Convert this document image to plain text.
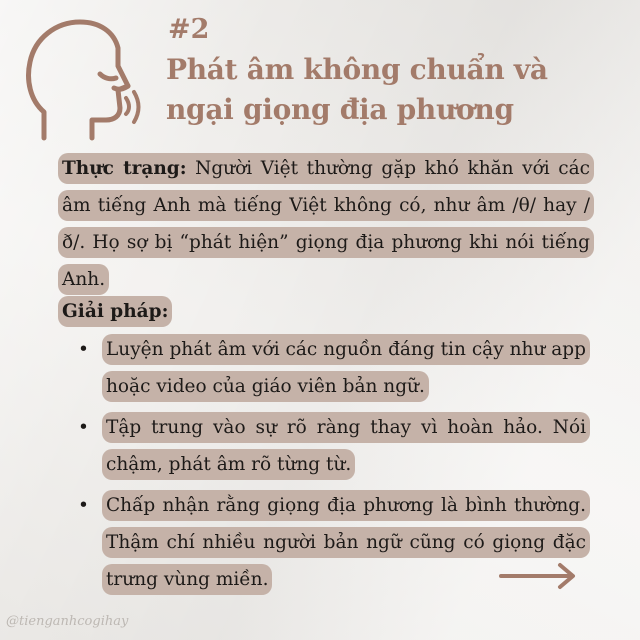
#2
Phát âm không chuẩn và
ngại giọng địa phương
Thực trạng: Người Việt thường gặp khó khăn với các âm tiếng Anh mà tiếng Việt không có, như âm /θ/ hay /ð/. Họ sợ bị “phát hiện” giọng địa phương khi nói tiếng Anh.
Giải pháp:
• Luyện phát âm với các nguồn đáng tin cậy như app hoặc video của giáo viên bản ngữ.
• Tập trung vào sự rõ ràng thay vì hoàn hảo. Nói chậm, phát âm rõ từng từ.
• Chấp nhận rằng giọng địa phương là bình thường. Thậm chí nhiều người bản ngữ cũng có giọng đặc trưng vùng miền.
@tienganhcogihay
